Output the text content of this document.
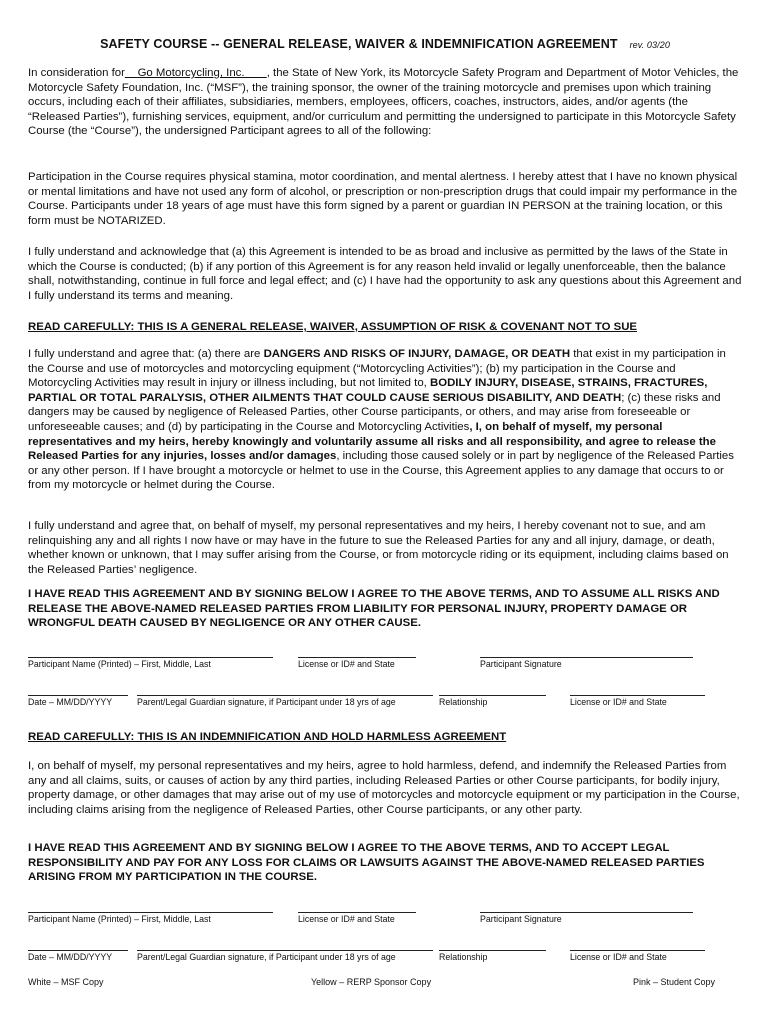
SAFETY COURSE -- GENERAL RELEASE, WAIVER & INDEMNIFICATION AGREEMENT rev. 03/20
In consideration for Go Motorcycling, Inc. , the State of New York, its Motorcycle Safety Program and Department of Motor Vehicles, the Motorcycle Safety Foundation, Inc. (“MSF”), the training sponsor, the owner of the training motorcycle and premises upon which training occurs, including each of their affiliates, subsidiaries, members, employees, officers, coaches, instructors, aides, and/or agents (the “Released Parties”), furnishing services, equipment, and/or curriculum and permitting the undersigned to participate in this Motorcycle Safety Course (the “Course”), the undersigned Participant agrees to all of the following:
Participation in the Course requires physical stamina, motor coordination, and mental alertness. I hereby attest that I have no known physical or mental limitations and have not used any form of alcohol, or prescription or non-prescription drugs that could impair my performance in the Course. Participants under 18 years of age must have this form signed by a parent or guardian IN PERSON at the training location, or this form must be NOTARIZED.
I fully understand and acknowledge that (a) this Agreement is intended to be as broad and inclusive as permitted by the laws of the State in which the Course is conducted; (b) if any portion of this Agreement is for any reason held invalid or legally unenforceable, then the balance shall, notwithstanding, continue in full force and legal effect; and (c) I have had the opportunity to ask any questions about this Agreement and I fully understand its terms and meaning.
READ CAREFULLY: THIS IS A GENERAL RELEASE, WAIVER, ASSUMPTION OF RISK & COVENANT NOT TO SUE
I fully understand and agree that: (a) there are DANGERS AND RISKS OF INJURY, DAMAGE, OR DEATH that exist in my participation in the Course and use of motorcycles and motorcycling equipment (“Motorcycling Activities”); (b) my participation in the Course and Motorcycling Activities may result in injury or illness including, but not limited to, BODILY INJURY, DISEASE, STRAINS, FRACTURES, PARTIAL OR TOTAL PARALYSIS, OTHER AILMENTS THAT COULD CAUSE SERIOUS DISABILITY, AND DEATH; (c) these risks and dangers may be caused by negligence of Released Parties, other Course participants, or others, and may arise from foreseeable or unforeseeable causes; and (d) by participating in the Course and Motorcycling Activities, I, on behalf of myself, my personal representatives and my heirs, hereby knowingly and voluntarily assume all risks and all responsibility, and agree to release the Released Parties for any injuries, losses and/or damages, including those caused solely or in part by negligence of the Released Parties or any other person. If I have brought a motorcycle or helmet to use in the Course, this Agreement applies to any damage that occurs to or from my motorcycle or helmet during the Course.
I fully understand and agree that, on behalf of myself, my personal representatives and my heirs, I hereby covenant not to sue, and am relinquishing any and all rights I now have or may have in the future to sue the Released Parties for any and all injury, damage, or death, whether known or unknown, that I may suffer arising from the Course, or from motorcycle riding or its equipment, including claims based on the Released Parties’ negligence.
I HAVE READ THIS AGREEMENT AND BY SIGNING BELOW I AGREE TO THE ABOVE TERMS, AND TO ASSUME ALL RISKS AND RELEASE THE ABOVE-NAMED RELEASED PARTIES FROM LIABILITY FOR PERSONAL INJURY, PROPERTY DAMAGE OR WRONGFUL DEATH CAUSED BY NEGLIGENCE OR ANY OTHER CAUSE.
Participant Name (Printed) – First, Middle, Last	License or ID# and State	Participant Signature
Date – MM/DD/YYYY	Parent/Legal Guardian signature, if Participant under 18 yrs of age	Relationship	License or ID# and State
READ CAREFULLY: THIS IS AN INDEMNIFICATION AND HOLD HARMLESS AGREEMENT
I, on behalf of myself, my personal representatives and my heirs, agree to hold harmless, defend, and indemnify the Released Parties from any and all claims, suits, or causes of action by any third parties, including Released Parties or other Course participants, for bodily injury, property damage, or other damages that may arise out of my use of motorcycles and motorcycle equipment or my participation in the Course, including claims arising from the negligence of Released Parties, other Course participants, or any other party.
I HAVE READ THIS AGREEMENT AND BY SIGNING BELOW I AGREE TO THE ABOVE TERMS, AND TO ACCEPT LEGAL RESPONSIBILITY AND PAY FOR ANY LOSS FOR CLAIMS OR LAWSUITS AGAINST THE ABOVE-NAMED RELEASED PARTIES ARISING FROM MY PARTICIPATION IN THE COURSE.
Participant Name (Printed) – First, Middle, Last	License or ID# and State	Participant Signature
Date – MM/DD/YYYY	Parent/Legal Guardian signature, if Participant under 18 yrs of age	Relationship	License or ID# and State
White – MSF Copy	Yellow – RERP Sponsor Copy	Pink – Student Copy
